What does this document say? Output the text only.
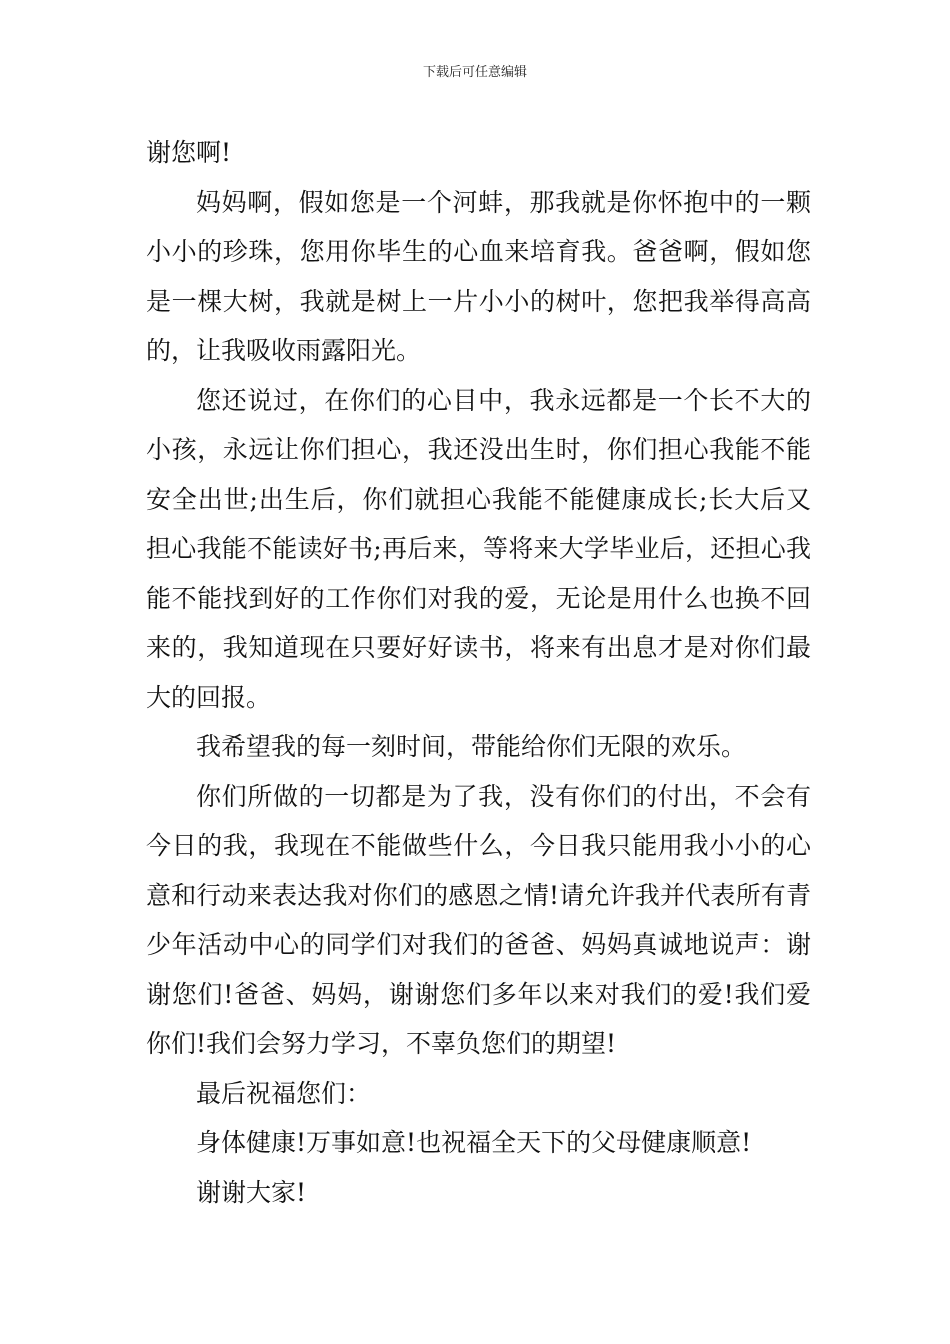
下载后可任意编辑

谢您啊!

妈妈啊，假如您是一个河蚌，那我就是你怀抱中的一颗小小的珍珠，您用你毕生的心血来培育我。爸爸啊，假如您是一棵大树，我就是树上一片小小的树叶，您把我举得高高的，让我吸收雨露阳光。

您还说过，在你们的心目中，我永远都是一个长不大的小孩，永远让你们担心，我还没出生时，你们担心我能不能安全出世;出生后，你们就担心我能不能健康成长;长大后又担心我能不能读好书;再后来，等将来大学毕业后，还担心我能不能找到好的工作你们对我的爱，无论是用什么也换不回来的，我知道现在只要好好读书，将来有出息才是对你们最大的回报。

我希望我的每一刻时间，带能给你们无限的欢乐。

你们所做的一切都是为了我，没有你们的付出，不会有今日的我，我现在不能做些什么，今日我只能用我小小的心意和行动来表达我对你们的感恩之情!请允许我并代表所有青少年活动中心的同学们对我们的爸爸、妈妈真诚地说声：谢谢您们!爸爸、妈妈，谢谢您们多年以来对我们的爱!我们爱你们!我们会努力学习，不辜负您们的期望!

最后祝福您们：

身体健康!万事如意!也祝福全天下的父母健康顺意!

谢谢大家!
